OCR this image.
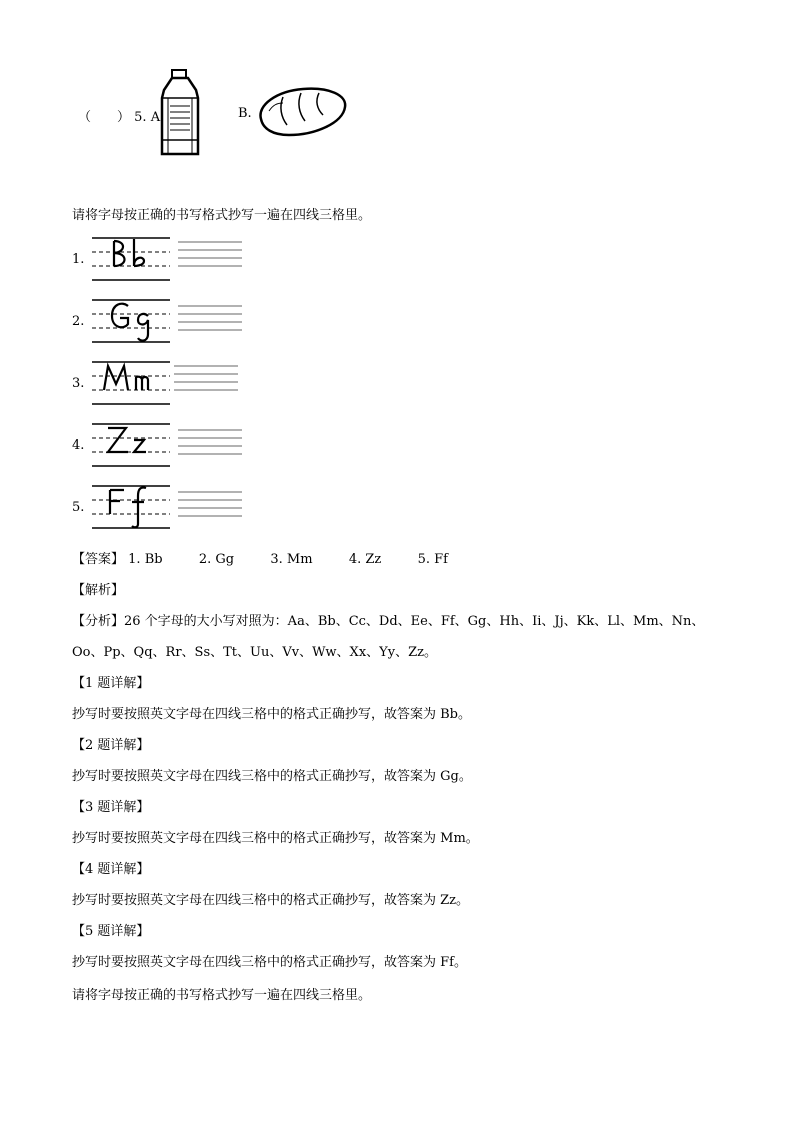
（　　） 5. A.	B.
请将字母按正确的书写格式抄写一遍在四线三格里。
1.
2.
3.
4.
5.
【答案】 1. Bb	2. Gg	3. Mm	4. Zz	5. Ff
【解析】
【分析】26 个字母的大小写对照为：Aa、Bb、Cc、Dd、Ee、Ff、Gg、Hh、Ii、Jj、Kk、Ll、Mm、Nn、
Oo、Pp、Qq、Rr、Ss、Tt、Uu、Vv、Ww、Xx、Yy、Zz。
【1 题详解】
抄写时要按照英文字母在四线三格中的格式正确抄写，故答案为 Bb。
【2 题详解】
抄写时要按照英文字母在四线三格中的格式正确抄写，故答案为 Gg。
【3 题详解】
抄写时要按照英文字母在四线三格中的格式正确抄写，故答案为 Mm。
【4 题详解】
抄写时要按照英文字母在四线三格中的格式正确抄写，故答案为 Zz。
【5 题详解】
抄写时要按照英文字母在四线三格中的格式正确抄写，故答案为 Ff。
请将字母按正确的书写格式抄写一遍在四线三格里。
